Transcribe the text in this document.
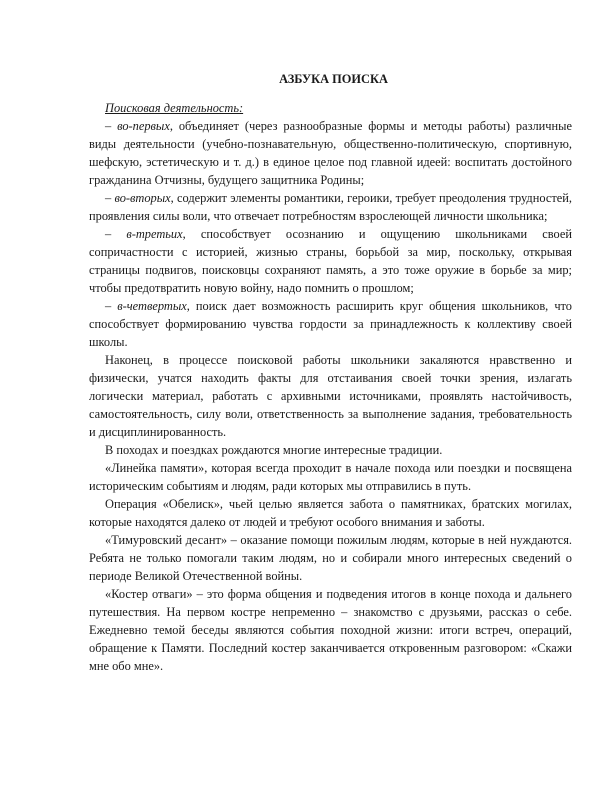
АЗБУКА ПОИСКА
Поисковая деятельность:

– во-первых, объединяет (через разнообразные формы и методы работы) различные виды деятельности (учебно-познавательную, общественно-политическую, спортивную, шефскую, эстетическую и т. д.) в единое целое под главной идеей: воспитать достойного гражданина Отчизны, будущего защитника Родины;

– во-вторых, содержит элементы романтики, героики, требует преодоления трудностей, проявления силы воли, что отвечает потребностям взрослеющей личности школьника;

– в-третьих, способствует осознанию и ощущению школьниками своей сопричастности с историей, жизнью страны, борьбой за мир, поскольку, открывая страницы подвигов, поисковцы сохраняют память, а это тоже оружие в борьбе за мир; чтобы предотвратить новую войну, надо помнить о прошлом;

– в-четвертых, поиск дает возможность расширить круг общения школьников, что способствует формированию чувства гордости за принадлежность к коллективу своей школы.

Наконец, в процессе поисковой работы школьники закаляются нравственно и физически, учатся находить факты для отстаивания своей точки зрения, излагать логически материал, работать с архивными источниками, проявлять настойчивость, самостоятельность, силу воли, ответственность за выполнение задания, требовательность и дисциплинированность.

В походах и поездках рождаются многие интересные традиции.

«Линейка памяти», которая всегда проходит в начале похода или поездки и посвящена историческим событиям и людям, ради которых мы отправились в путь.

Операция «Обелиск», чьей целью является забота о памятниках, братских могилах, которые находятся далеко от людей и требуют особого внимания и заботы.

«Тимуровский десант» – оказание помощи пожилым людям, которые в ней нуждаются. Ребята не только помогали таким людям, но и собирали много интересных сведений о периоде Великой Отечественной войны.

«Костер отваги» – это форма общения и подведения итогов в конце похода и дальнего путешествия. На первом костре непременно – знакомство с друзьями, рассказ о себе. Ежедневно темой беседы являются события походной жизни: итоги встреч, операций, обращение к Памяти. Последний костер заканчивается откровенным разговором: «Скажи мне обо мне».
